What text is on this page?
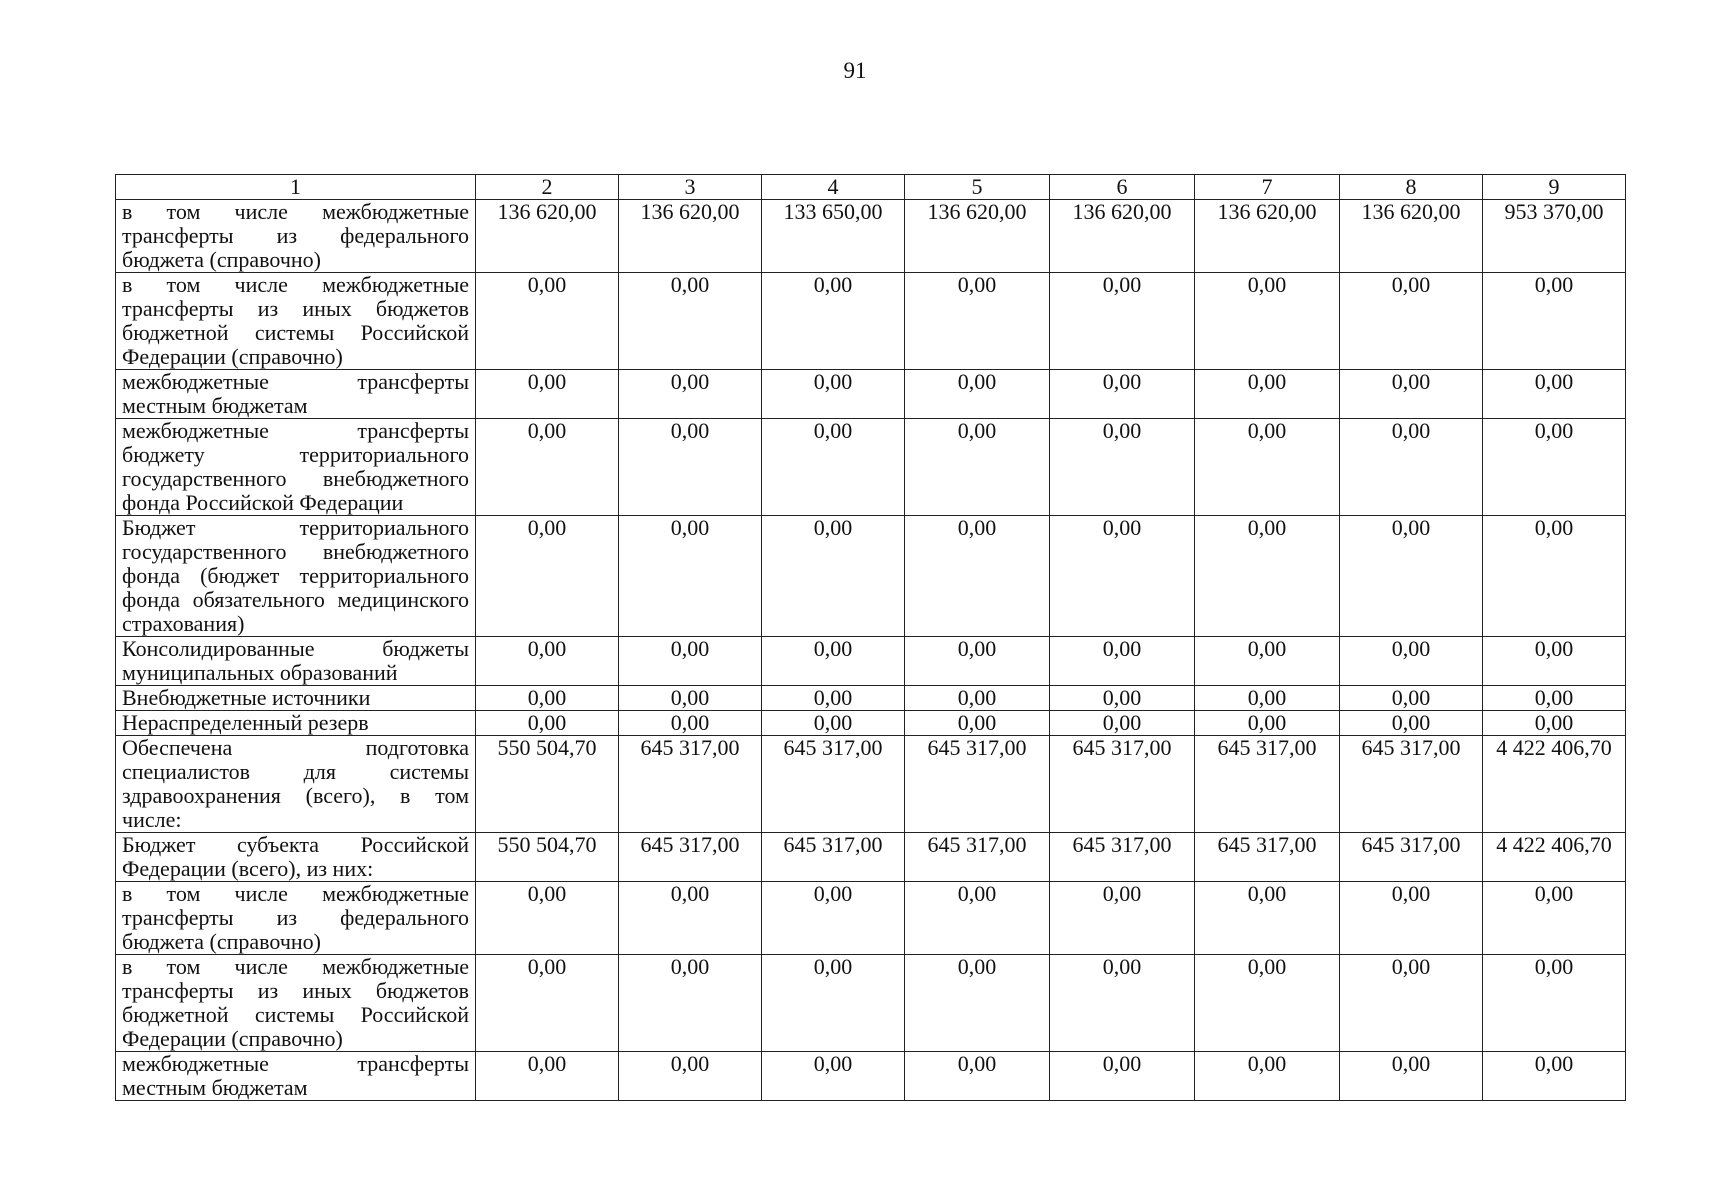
91
1	2	3	4	5	6	7	8	9
в том числе межбюджетные трансферты из федерального бюджета (справочно)	136 620,00	136 620,00	133 650,00	136 620,00	136 620,00	136 620,00	136 620,00	953 370,00
в том числе межбюджетные трансферты из иных бюджетов бюджетной системы Российской Федерации (справочно)	0,00	0,00	0,00	0,00	0,00	0,00	0,00	0,00
межбюджетные трансферты местным бюджетам	0,00	0,00	0,00	0,00	0,00	0,00	0,00	0,00
межбюджетные трансферты бюджету территориального государственного внебюджетного фонда Российской Федерации	0,00	0,00	0,00	0,00	0,00	0,00	0,00	0,00
Бюджет территориального государственного внебюджетного фонда (бюджет территориального фонда обязательного медицинского страхования)	0,00	0,00	0,00	0,00	0,00	0,00	0,00	0,00
Консолидированные бюджеты муниципальных образований	0,00	0,00	0,00	0,00	0,00	0,00	0,00	0,00
Внебюджетные источники	0,00	0,00	0,00	0,00	0,00	0,00	0,00	0,00
Нераспределенный резерв	0,00	0,00	0,00	0,00	0,00	0,00	0,00	0,00
Обеспечена подготовка специалистов для системы здравоохранения (всего), в том числе:	550 504,70	645 317,00	645 317,00	645 317,00	645 317,00	645 317,00	645 317,00	4 422 406,70
Бюджет субъекта Российской Федерации (всего), из них:	550 504,70	645 317,00	645 317,00	645 317,00	645 317,00	645 317,00	645 317,00	4 422 406,70
в том числе межбюджетные трансферты из федерального бюджета (справочно)	0,00	0,00	0,00	0,00	0,00	0,00	0,00	0,00
в том числе межбюджетные трансферты из иных бюджетов бюджетной системы Российской Федерации (справочно)	0,00	0,00	0,00	0,00	0,00	0,00	0,00	0,00
межбюджетные трансферты местным бюджетам	0,00	0,00	0,00	0,00	0,00	0,00	0,00	0,00
